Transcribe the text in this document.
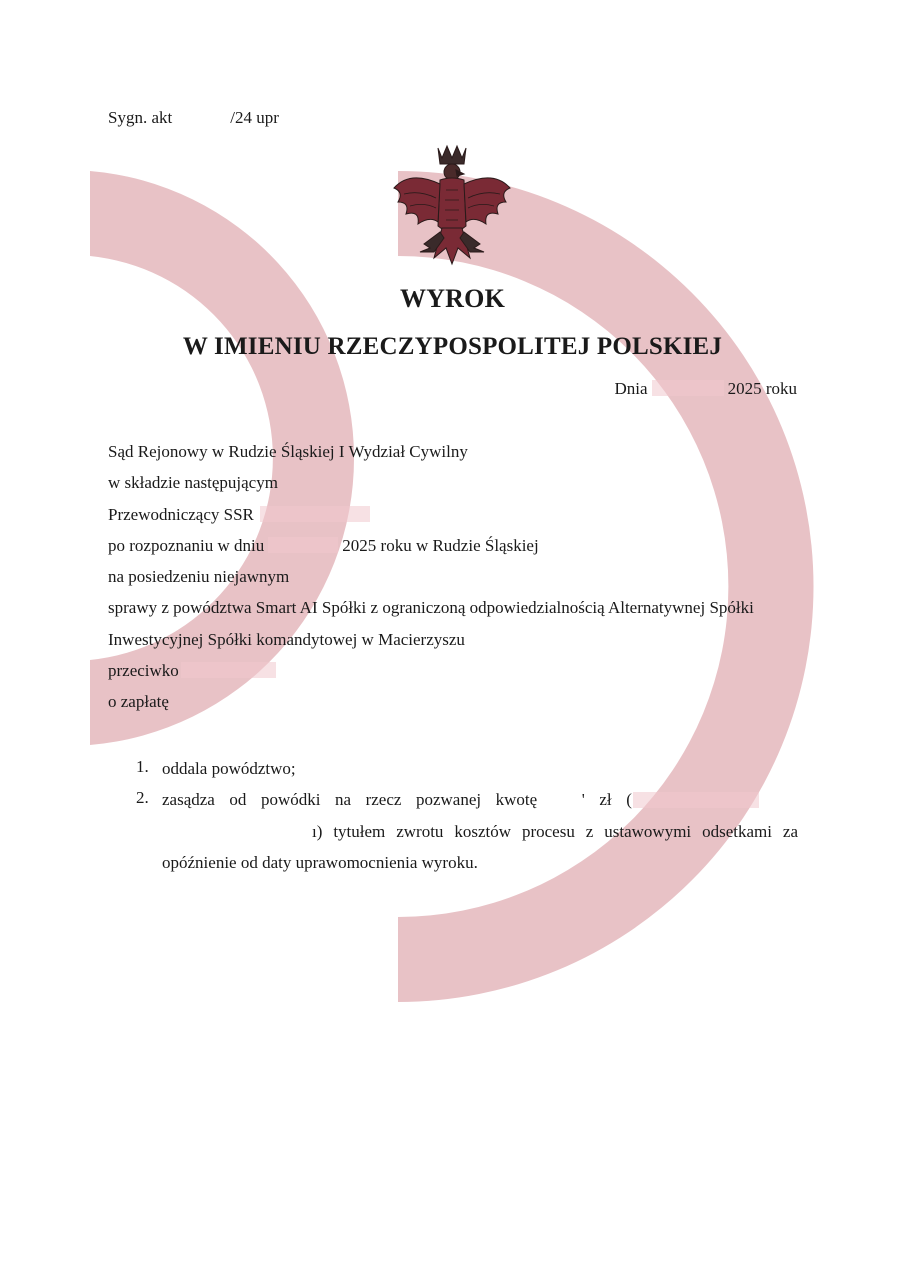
Sygn. akt	/24 upr
WYROK
W IMIENIU RZECZYPOSPOLITEJ POLSKIEJ
Dnia	2025 roku
Sąd Rejonowy w Rudzie Śląskiej I Wydział Cywilny
w składzie następującym
Przewodniczący SSR
po rozpoznaniu w dniu	2025 roku w Rudzie Śląskiej
na posiedzeniu niejawnym
sprawy z powództwa Smart AI Spółki z ograniczoną odpowiedzialnością Alternatywnej Spółki
Inwestycyjnej Spółki komandytowej w Macierzyszu
przeciwko
o zapłatę
1. oddala powództwo;
2. zasądza od powódki na rzecz pozwanej kwotę	' zł (
ı) tytułem zwrotu kosztów procesu z ustawowymi odsetkami za
opóźnienie od daty uprawomocnienia wyroku.
